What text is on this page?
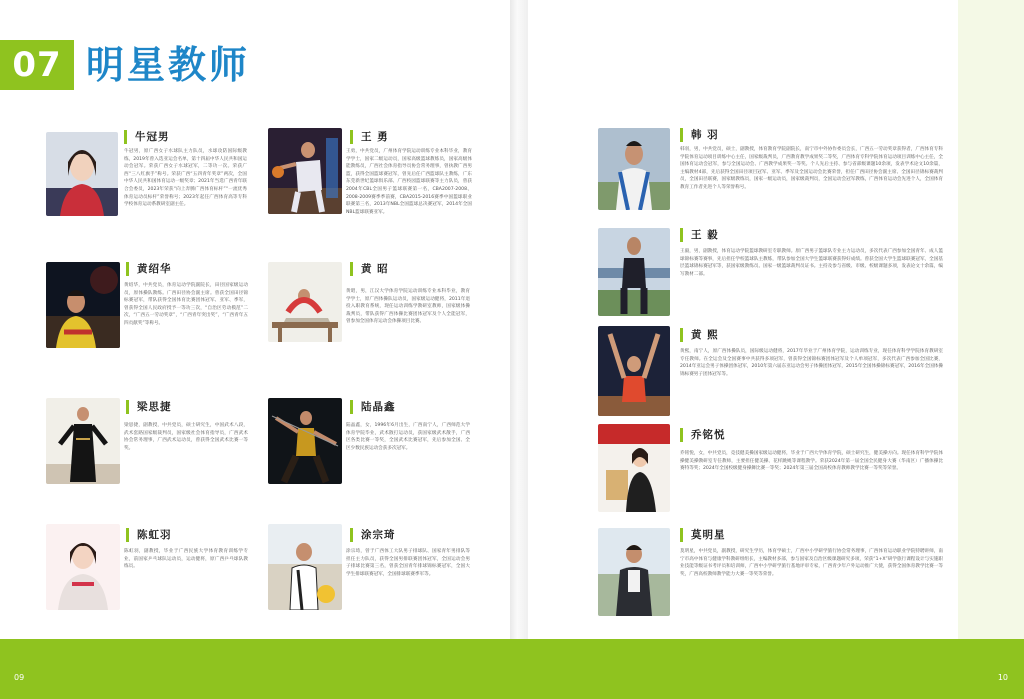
07 明星教师
牛冠男
牛冠男，原广西女子水球队主力队员，水球攻防国际级教练，2019年曾入选亚运会名单，第十四届中华人民共和国运动会冠军。荣获广西女子水球冠军，二等功一次。荣获广西“三八红旗手”称号。荣获广西“五四青年奖章”两次，全国中华人民共和国体育运动一级奖章；2021年当选广西青年联合会委员，2023年荣获“向上奔腾广西体育标杆”“一流优秀体育运动员标杆”荣誉称号；2023年起任广西体育高等专科学校体育运动系教研室副主任。
王 勇
王勇，中共党员，广州体育学院运动训练专业本科毕业，教育学学士，国家二级运动员，国家高级篮球教练员，国家高级体能教练员，广西社会体育指导员协会常务理事，曾执教广西男篮，获得全国篮球赛冠军，曾先后任广西篮球队主教练，广东东莞新世纪篮球俱乐部、广西校园篮球联赛等主力队员，曾获2004年CBL全国男子篮球联赛第一名，CBA2007-2008、2008-2009赛季季前赛，CBA2015-2016赛季中国篮球职业联赛第三名，2013年NBL全国篮球总决赛冠军，2014年全国NBL篮球联赛亚军。
韩 羽
韩羽，男，中共党员，硕士，副教授，体育教育学院副院长，南宁市中外协作委员会长，广西五一劳动奖章获得者，广西体育专科学院体育运动项目训练中心主任，国家级裁判员，广西教育教学成果奖二等奖，广西体育专科学院体育运动项目训练中心主任，全国体育运动会冠军，参与全国运动会、广西教学成果奖一等奖。个人先后主持、参与省部级课题10余项，发表学术论文10余篇，主编教材4部，先后获得全国田径项目冠军、亚军、季军及全国运动会比赛荣誉，担任广西田径协会副主席、全国田径锦标赛裁判员，全国田径联赛，国家级教练员，国家一级运动员，国家级裁判员，全国运动会冠军教练，广西体育运动会先进个人，全国体育教育工作者先进个人等荣誉称号。
黄绍华
黄绍华，中共党员，体育运动学院副院长，田径国家级运动员，原体操队教练。广西田径协会副主席。曾获全国田径锦标赛冠军，带队获得全国体育比赛团体冠军、亚军、季军，曾获得全国人民政府授予一等功三次，“自治区劳动模范”二次，“广西五一劳动奖章”，“广西青年突出奖”，“广西青年五四贡献奖”等称号。
黄 昭
黄昭，男，江汉大学体育学院运动训练专业本科毕业，教育学学士，原广西体操队运动员，国家级运动健将，2011年退役入职教育系统，现任运动训练学教研室教师，国家级体操裁判员，带队获得广西体操比赛团体冠军及个人全能冠军，曾参加全国体育运动会体操项目比赛。
王 毅
王毅，男，副教授，体育运动学院篮球教研室专职教师。原广西男子篮球队专业主力运动员，多次代表广西参加全国青年、成人篮球锦标赛等赛事，先后担任学校篮球队主教练，带队参加全国大学生篮球联赛获得好成绩。曾获全国大学生篮球联赛冠军，全国基层篮球锦标赛冠军等，获国家级教练员、国家一级篮球裁判员证书。主持及参与省级、市级、校级课题多项，发表论文十余篇，编写教材二部。
黄 熙
黄熙，南宁人，原广西体操队员，国际级运动健将，2017年毕业于广州体育学院，运动训练专业，现任体育科学学院体育教研室专任教师。在全运会及全国赛事中共获得多项冠军，曾获得全国锦标赛团体冠军及个人单项冠军，多次代表广西参加全国比赛，2014年亚运会男子体操团体冠军，2010年第六届东亚运动会男子体操团体冠军，2015年全国体操锦标赛冠军，2016年全国体操锦标赛男子团体冠军等。
梁思捷
梁思捷，副教授，中共党员，硕士研究生，中国武术八段，武术套路国家级裁判员，国家级社会体育指导员，广西武术协会常务理事，广西武术运动员，曾获得全国武术比赛一等奖。
陆晶鑫
陆晶鑫，女，1996年6月出生，广西南宁人，广西师范大学体育学院毕业，武术散打运动员，获国家级武术散手，广西区各类比赛一等奖，全国武术比赛冠军，先后参加全国、全区少数民族运动会获多次冠军。
乔铭悦
乔铭悦，女，中共党员，竞技健美操国家级运动健将，毕业于广西大学体育学院，硕士研究生，健美操方向。现任体育科学学院体操健美操教研室专任教师，主要担任健美操、花样跳绳等课程教学。荣获2024年第一届全国全民健身大赛（华南区）广播体操比赛特等奖；2024年全国校级健身操舞比赛一等奖；2024年第三届全国高校体育教师教学比赛一等奖等荣誉。
陈虹羽
陈虹羽，副教授，毕业于广西民族大学体育教育训练学专业，前国家乒乓球队运动员，运动健将，原广西乒乓球队教练员。
涂宗琦
涂宗琦，曾于广西体工大队男子排球队、国家青年男排队等担任主力队员，获得全国男排联赛团体冠军，全国运动会男子排球比赛第三名，曾获全国青年排球锦标赛冠军，全国大学生排球联赛冠军，全国排球联赛季军等。
莫明星
莫明星，中共党员，副教授，研究生学历，体育学硕士，广西中小学研学旅行协会常务理事，广西体育运动职业学院特聘讲师，南宁市高中体育与健康学科教研组组长，主编教材多部，参与国家及自治区级课题研究多项，荣获“1+X”研学旅行课程设计与实施职业技能等级证书考评员和培训师，广西中小学研学旅行基地评审专家，广西青少年户外运动推广大使，获得全国体育教学比赛一等奖，广西高校教师教学能力大赛一等奖等荣誉。
09	10
